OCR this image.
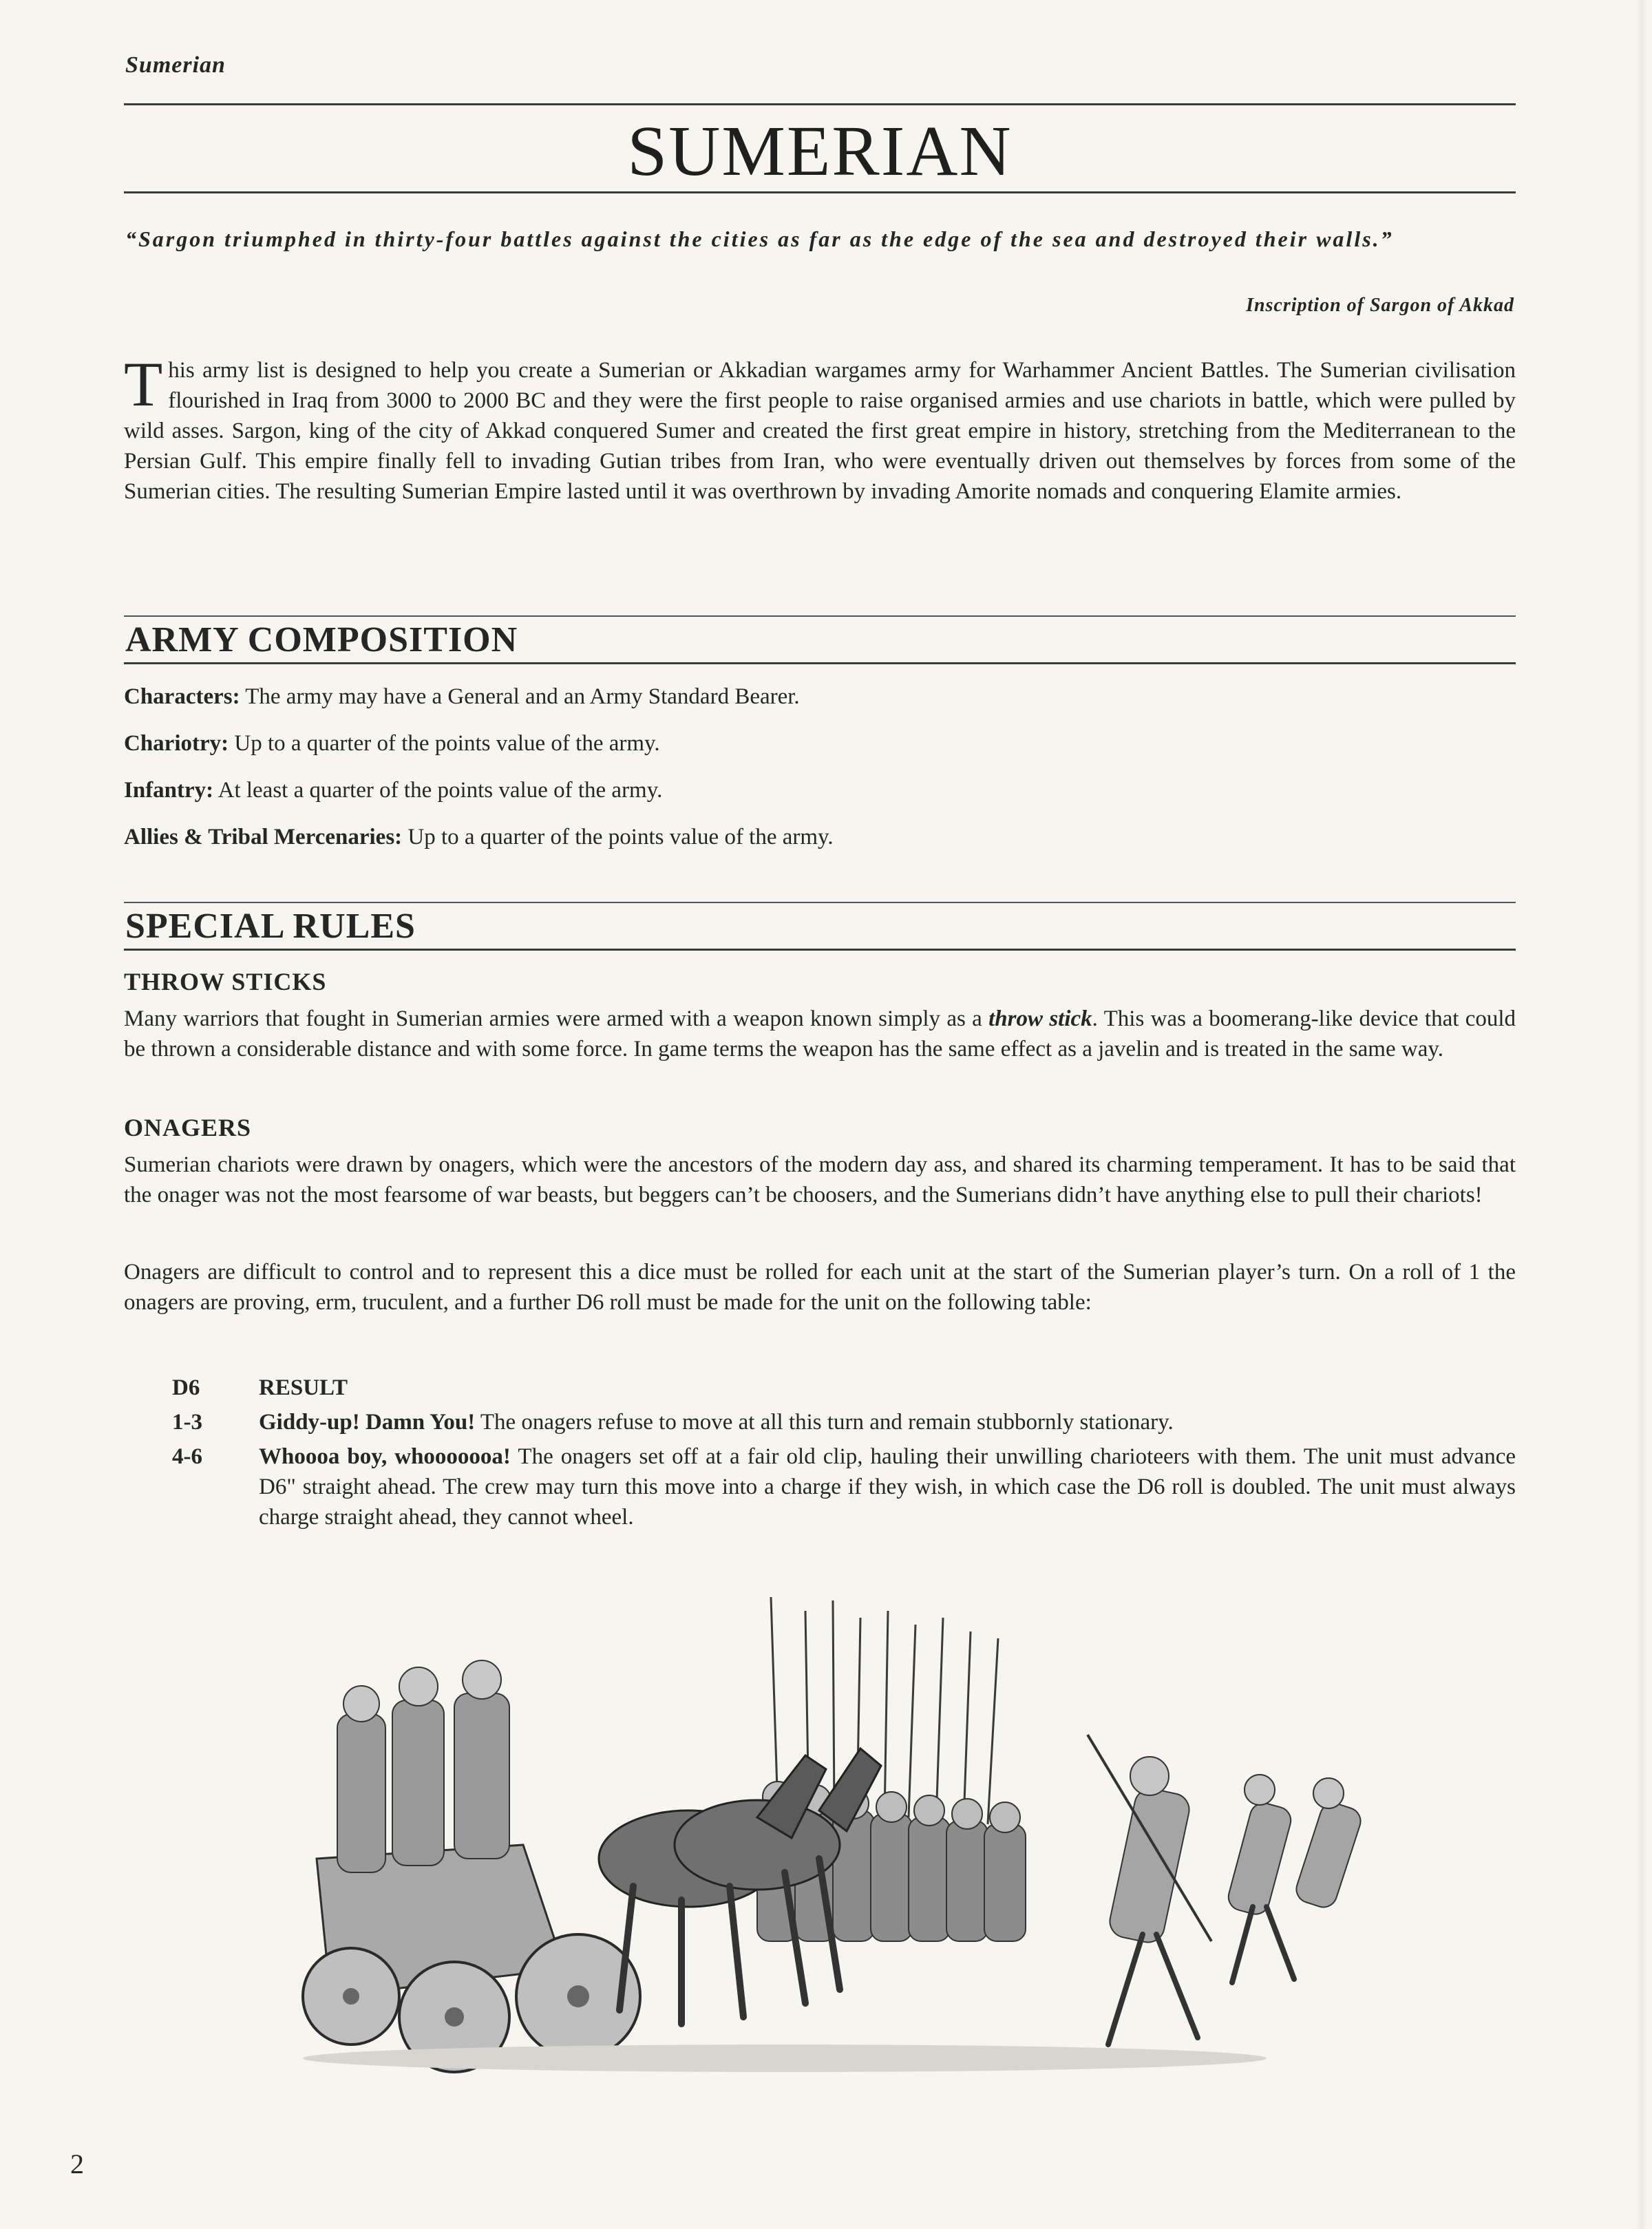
Sumerian
SUMERIAN
“Sargon triumphed in thirty-four battles against the cities as far as the edge of the sea and destroyed their walls.”
Inscription of Sargon of Akkad
This army list is designed to help you create a Sumerian or Akkadian wargames army for Warhammer Ancient Battles. The Sumerian civilisation flourished in Iraq from 3000 to 2000 BC and they were the first people to raise organised armies and use chariots in battle, which were pulled by wild asses. Sargon, king of the city of Akkad conquered Sumer and created the first great empire in history, stretching from the Mediterranean to the Persian Gulf. This empire finally fell to invading Gutian tribes from Iran, who were eventually driven out themselves by forces from some of the Sumerian cities. The resulting Sumerian Empire lasted until it was overthrown by invading Amorite nomads and conquering Elamite armies.
ARMY COMPOSITION
Characters: The army may have a General and an Army Standard Bearer.
Chariotry: Up to a quarter of the points value of the army.
Infantry: At least a quarter of the points value of the army.
Allies & Tribal Mercenaries: Up to a quarter of the points value of the army.
SPECIAL RULES
THROW STICKS
Many warriors that fought in Sumerian armies were armed with a weapon known simply as a throw stick. This was a boomerang-like device that could be thrown a considerable distance and with some force. In game terms the weapon has the same effect as a javelin and is treated in the same way.
ONAGERS
Sumerian chariots were drawn by onagers, which were the ancestors of the modern day ass, and shared its charming temperament. It has to be said that the onager was not the most fearsome of war beasts, but beggers can’t be choosers, and the Sumerians didn’t have anything else to pull their chariots!
Onagers are difficult to control and to represent this a dice must be rolled for each unit at the start of the Sumerian player’s turn. On a roll of 1 the onagers are proving, erm, truculent, and a further D6 roll must be made for the unit on the following table:
D6	RESULT
1-3 Giddy-up! Damn You! The onagers refuse to move at all this turn and remain stubbornly stationary.
4-6 Whoooa boy, whooooooa! The onagers set off at a fair old clip, hauling their unwilling charioteers with them. The unit must advance D6" straight ahead. The crew may turn this move into a charge if they wish, in which case the D6 roll is doubled. The unit must always charge straight ahead, they cannot wheel.
2
